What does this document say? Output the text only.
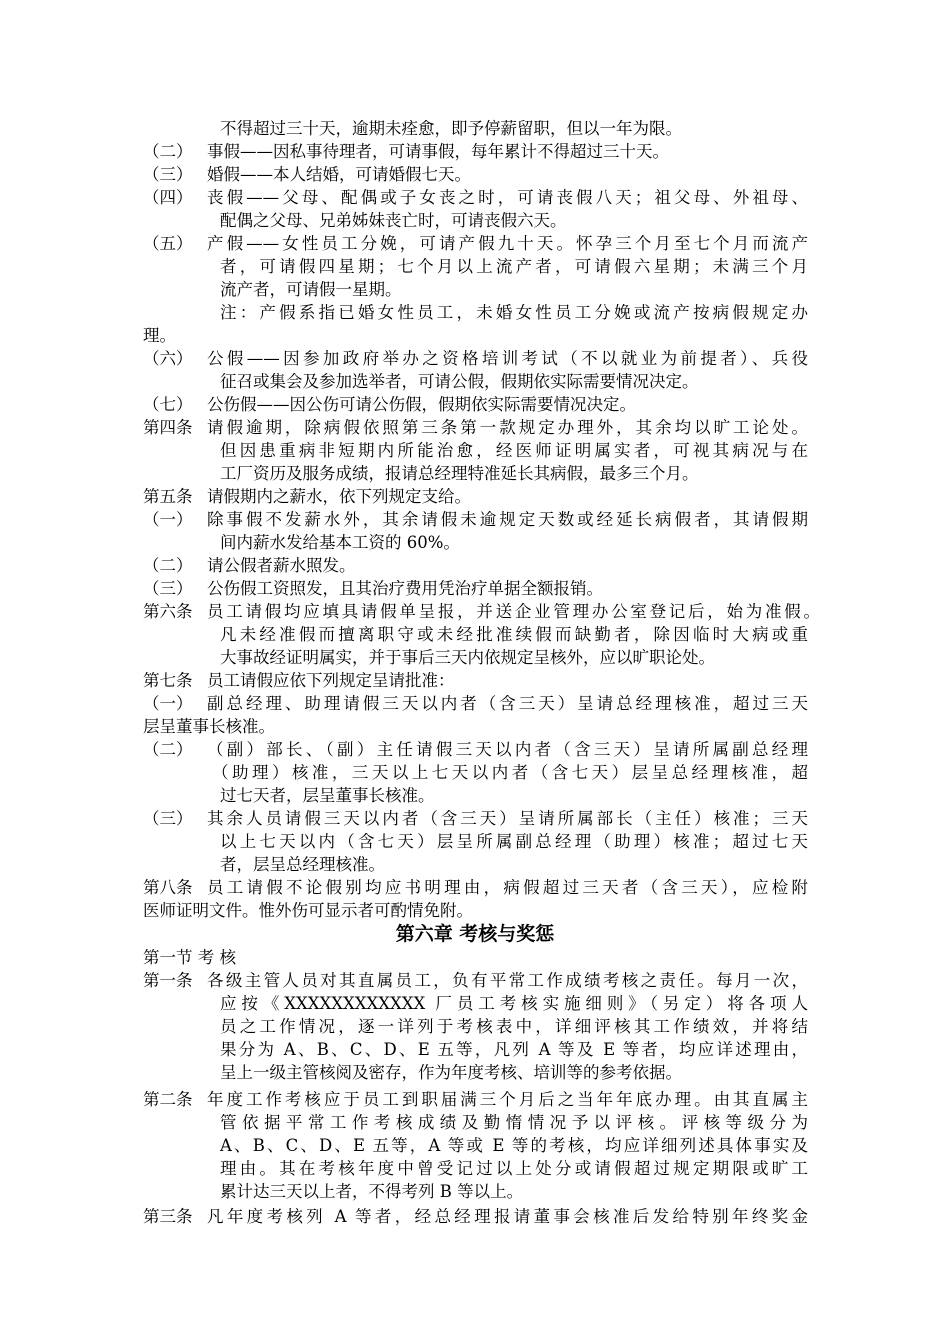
不得超过三十天，逾期未痊愈，即予停薪留职，但以一年为限。
（二） 事假——因私事待理者，可请事假，每年累计不得超过三十天。
（三） 婚假——本人结婚，可请婚假七天。
（四） 丧假——父母、配偶或子女丧之时，可请丧假八天；祖父母、外祖母、
配偶之父母、兄弟姊妹丧亡时，可请丧假六天。
（五） 产假——女性员工分娩，可请产假九十天。怀孕三个月至七个月而流产
者，可请假四星期；七个月以上流产者，可请假六星期；未满三个月
流产者，可请假一星期。
注：产假系指已婚女性员工，未婚女性员工分娩或流产按病假规定办
理。
（六） 公假——因参加政府举办之资格培训考试（不以就业为前提者）、兵役
征召或集会及参加选举者，可请公假，假期依实际需要情况决定。
（七） 公伤假——因公伤可请公伤假，假期依实际需要情况决定。
第四条 请假逾期，除病假依照第三条第一款规定办理外，其余均以旷工论处。
但因患重病非短期内所能治愈，经医师证明属实者，可视其病况与在
工厂资历及服务成绩，报请总经理特准延长其病假，最多三个月。
第五条 请假期内之薪水，依下列规定支给。
（一） 除事假不发薪水外，其余请假未逾规定天数或经延长病假者，其请假期
间内薪水发给基本工资的 60%。
（二） 请公假者薪水照发。
（三） 公伤假工资照发，且其治疗费用凭治疗单据全额报销。
第六条 员工请假均应填具请假单呈报，并送企业管理办公室登记后，始为准假。
凡未经准假而擅离职守或未经批准续假而缺勤者，除因临时大病或重
大事故经证明属实，并于事后三天内依规定呈核外，应以旷职论处。
第七条 员工请假应依下列规定呈请批准：
（一） 副总经理、助理请假三天以内者（含三天）呈请总经理核准，超过三天
层呈董事长核准。
（二） （副）部长、（副）主任请假三天以内者（含三天）呈请所属副总经理
（助理）核准，三天以上七天以内者（含七天）层呈总经理核准，超
过七天者，层呈董事长核准。
（三） 其余人员请假三天以内者（含三天）呈请所属部长（主任）核准；三天
以上七天以内（含七天）层呈所属副总经理（助理）核准；超过七天
者，层呈总经理核准。
第八条 员工请假不论假别均应书明理由，病假超过三天者（含三天），应检附
医师证明文件。惟外伤可显示者可酌情免附。
第六章 考核与奖惩
第一节 考 核
第一条 各级主管人员对其直属员工，负有平常工作成绩考核之责任。每月一次，
应按《XXXXXXXXXXXX 厂员工考核实施细则》（另定）将各项人
员之工作情况，逐一详列于考核表中，详细评核其工作绩效，并将结
果分为 A、B、C、D、E 五等，凡列 A 等及 E 等者，均应详述理由，
呈上一级主管核阅及密存，作为年度考核、培训等的参考依据。
第二条 年度工作考核应于员工到职届满三个月后之当年年底办理。由其直属主
管依据平常工作考核成绩及勤惰情况予以评核。评核等级分为
A、B、C、D、E 五等，A 等或 E 等的考核，均应详细列述具体事实及
理由。其在考核年度中曾受记过以上处分或请假超过规定期限或旷工
累计达三天以上者，不得考列 B 等以上。
第三条 凡年度考核列 A 等者，经总经理报请董事会核准后发给特别年终奖金
